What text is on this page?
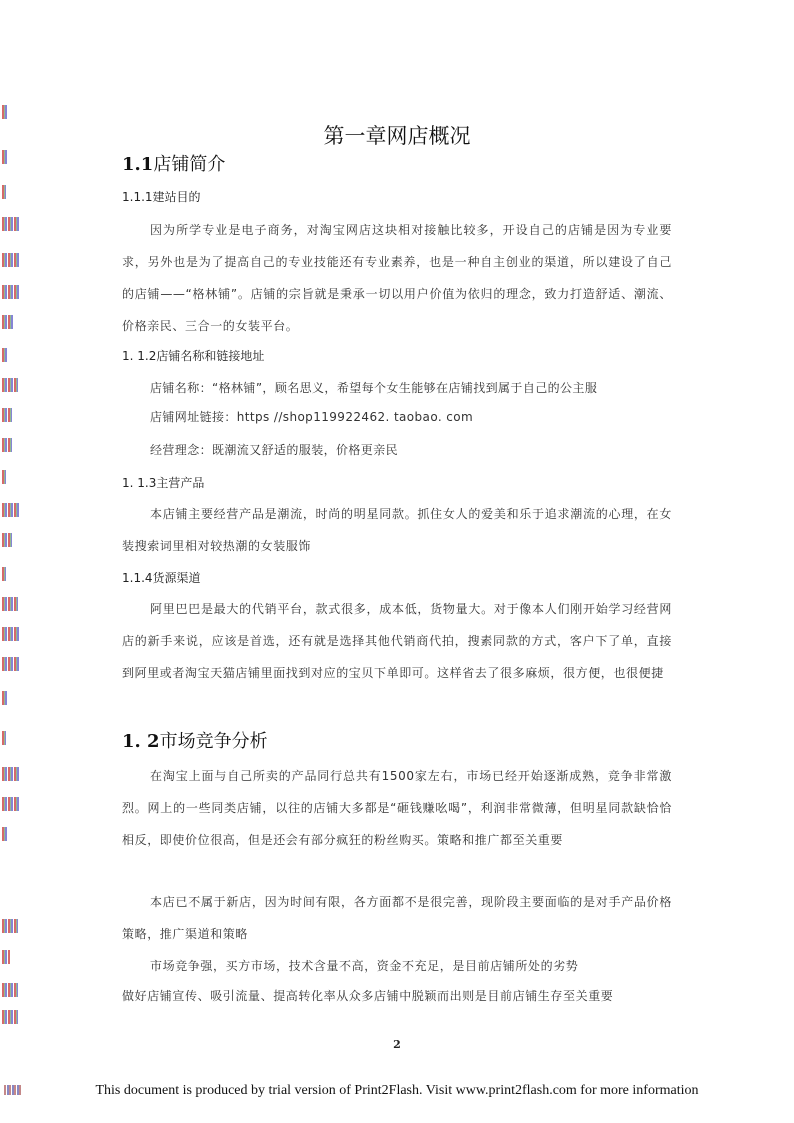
第一章网店概况
1.1店铺简介
1.1.1建站目的
因为所学专业是电子商务，对淘宝网店这块相对接触比较多，开设自己的店铺是因为专业要求，另外也是为了提高自己的专业技能还有专业素养，也是一种自主创业的渠道，所以建设了自己的店铺——“格林铺”。店铺的宗旨就是秉承一切以用户价值为依归的理念，致力打造舒适、潮流、价格亲民、三合一的女装平台。
1. 1.2店铺名称和链接地址
店铺名称：“格林铺”，顾名思义，希望每个女生能够在店铺找到属于自己的公主服
店铺网址链接：https //shop119922462. taobao. com
经营理念：既潮流又舒适的服装，价格更亲民
1. 1.3主营产品
本店铺主要经营产品是潮流，时尚的明星同款。抓住女人的爱美和乐于追求潮流的心理，在女装搜索词里相对较热潮的女装服饰
1.1.4货源渠道
阿里巴巴是最大的代销平台，款式很多，成本低，货物量大。对于像本人们刚开始学习经营网店的新手来说，应该是首选，还有就是选择其他代销商代拍，搜素同款的方式，客户下了单，直接到阿里或者淘宝天猫店铺里面找到对应的宝贝下单即可。这样省去了很多麻烦，很方便，也很便捷
1. 2市场竞争分析
在淘宝上面与自己所卖的产品同行总共有1500家左右，市场已经开始逐渐成熟，竞争非常激烈。网上的一些同类店铺，以往的店铺大多都是“砸钱赚吆喝”，利润非常微薄，但明星同款缺恰恰相反，即使价位很高，但是还会有部分疯狂的粉丝购买。策略和推广都至关重要
本店已不属于新店，因为时间有限，各方面都不是很完善，现阶段主要面临的是对手产品价格策略，推广渠道和策略
市场竞争强，买方市场，技术含量不高，资金不充足，是目前店铺所处的劣势
做好店铺宣传、吸引流量、提高转化率从众多店铺中脱颖而出则是目前店铺生存至关重要
2
This document is produced by trial version of Print2Flash. Visit www.print2flash.com for more information
